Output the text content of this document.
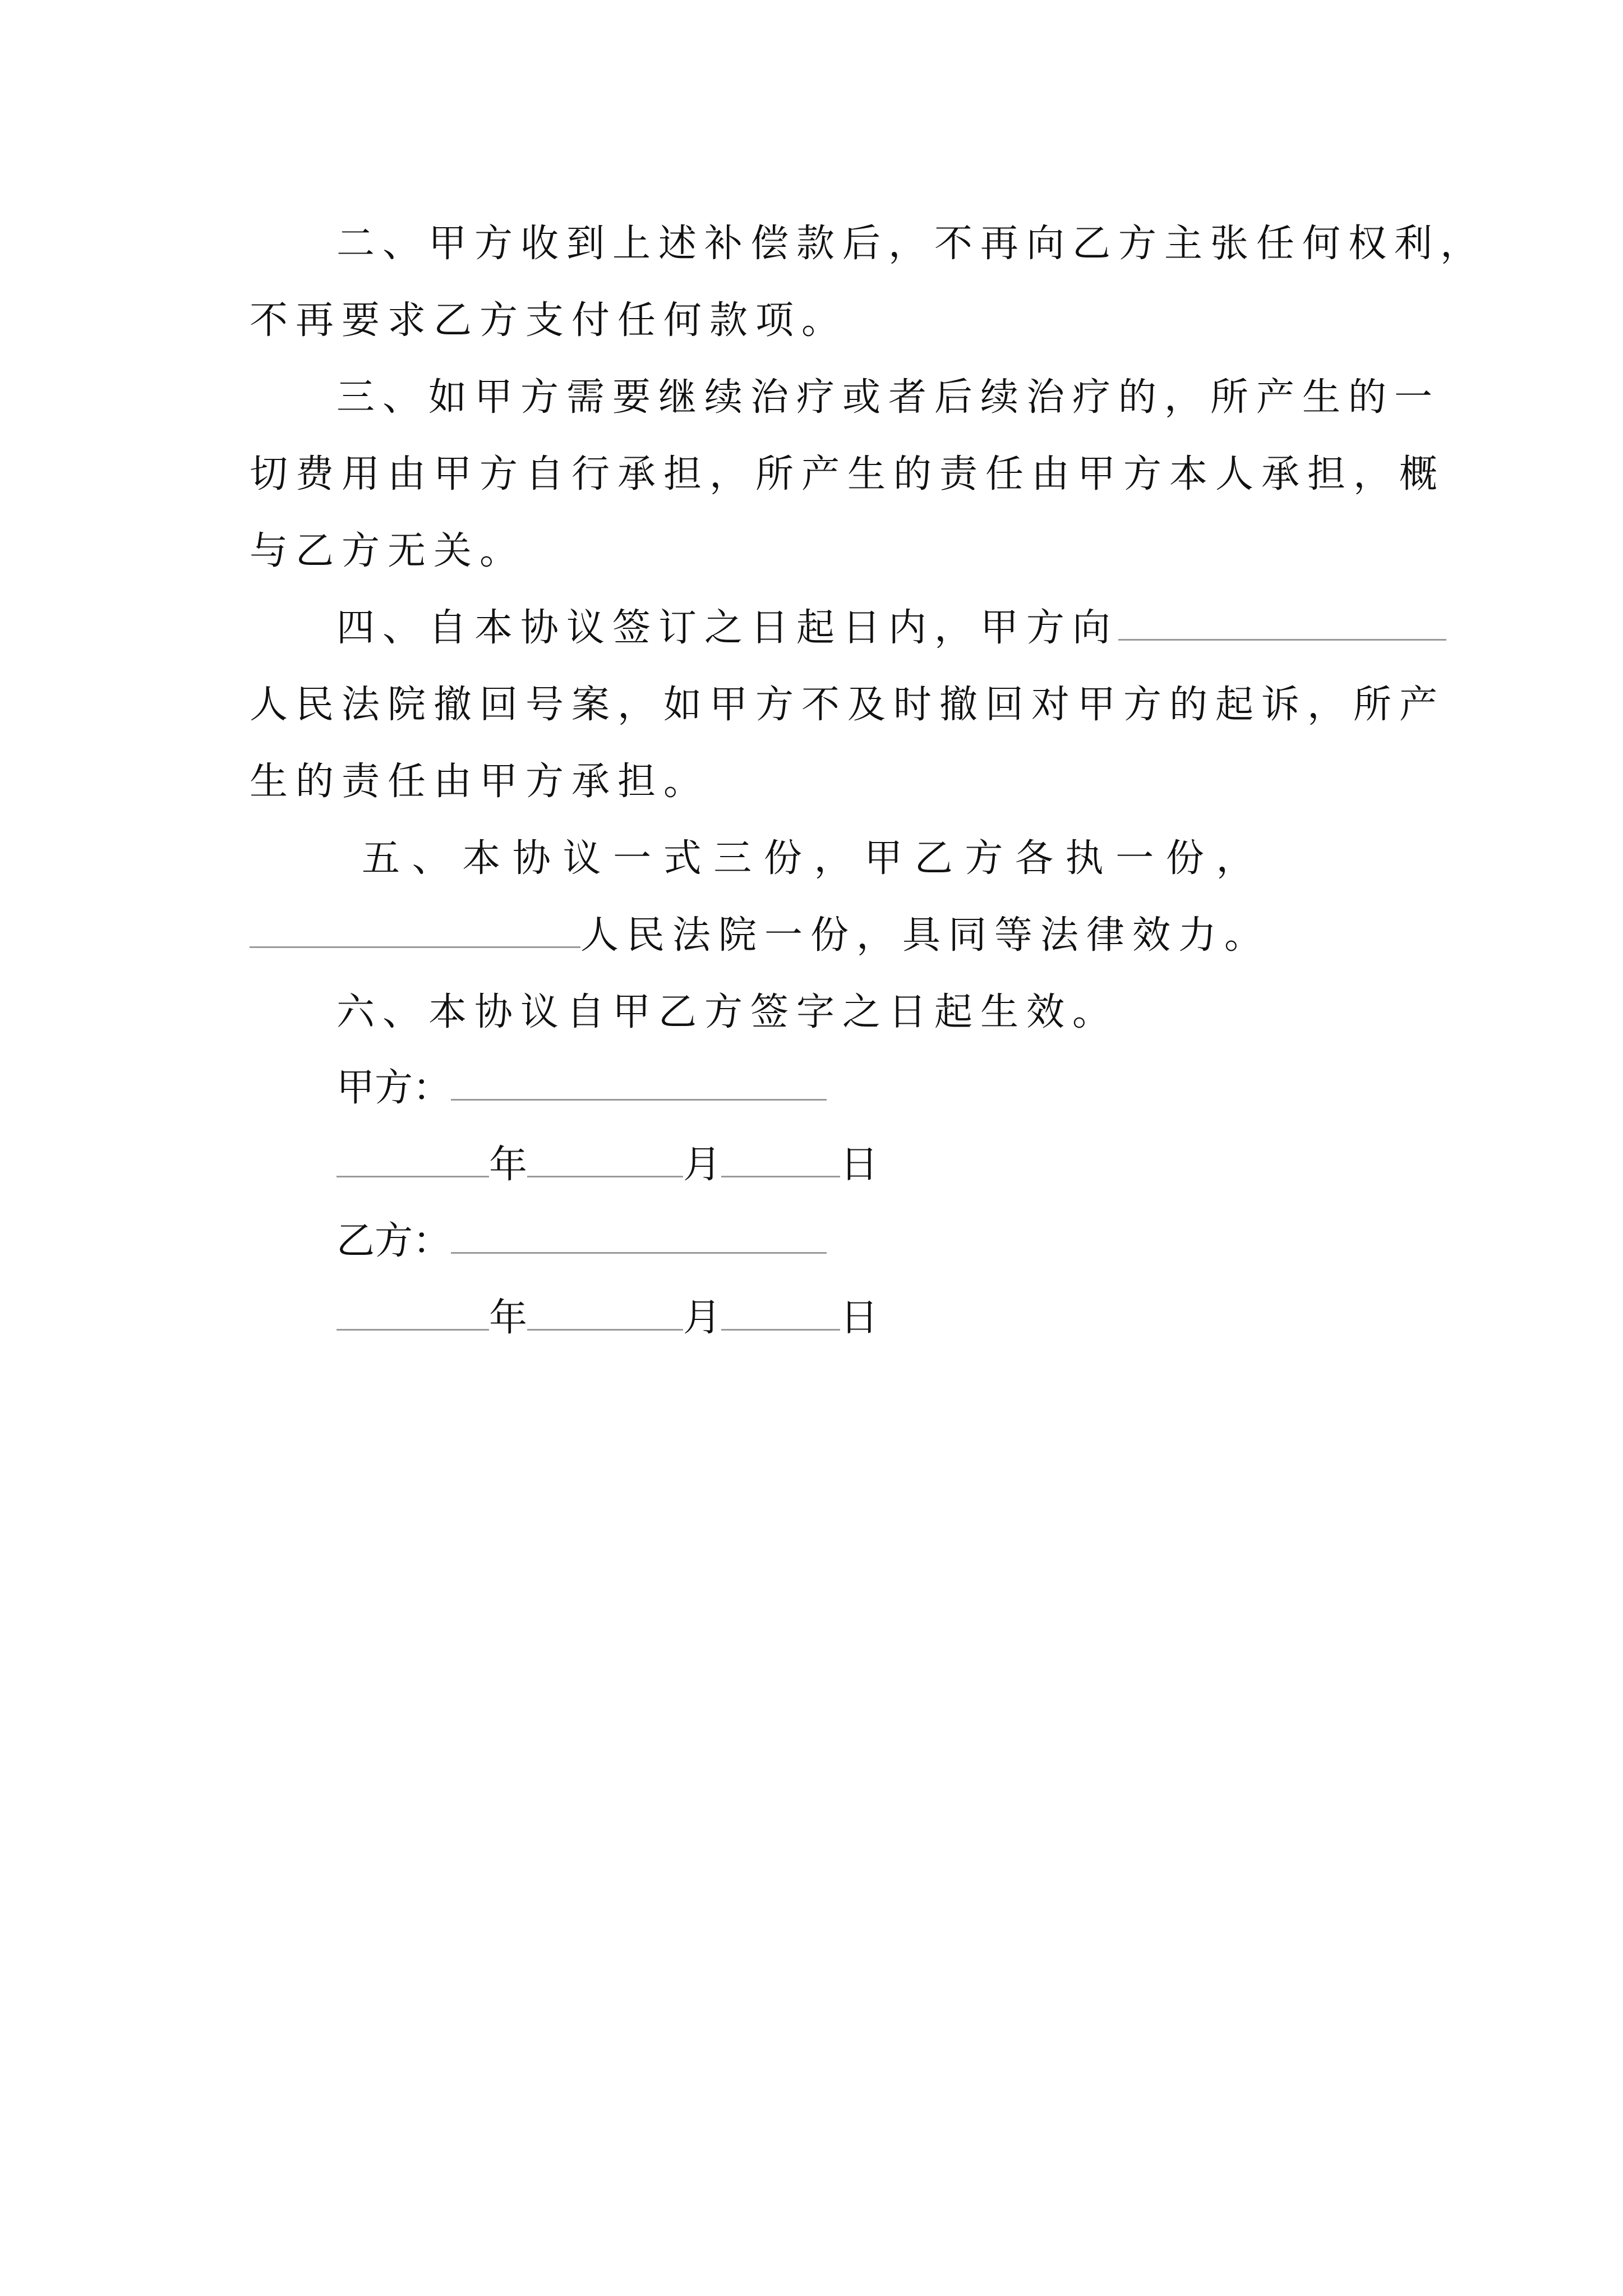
二、甲方收到上述补偿款后，不再向乙方主张任何权利，
不再要求乙方支付任何款项。
三、如甲方需要继续治疗或者后续治疗的，所产生的一
切费用由甲方自行承担，所产生的责任由甲方本人承担，概
与乙方无关。
四、自本协议签订之日起日内，甲方向
人民法院撤回号案，如甲方不及时撤回对甲方的起诉，所产
生的责任由甲方承担。
五 、 本 协 议 一 式 三 份 ， 甲 乙 方 各 执 一 份 ，
人民法院一份，具同等法律效力。
六、本协议自甲乙方签字之日起生效。
甲方：
年	月	日
乙方：
年	月	日
